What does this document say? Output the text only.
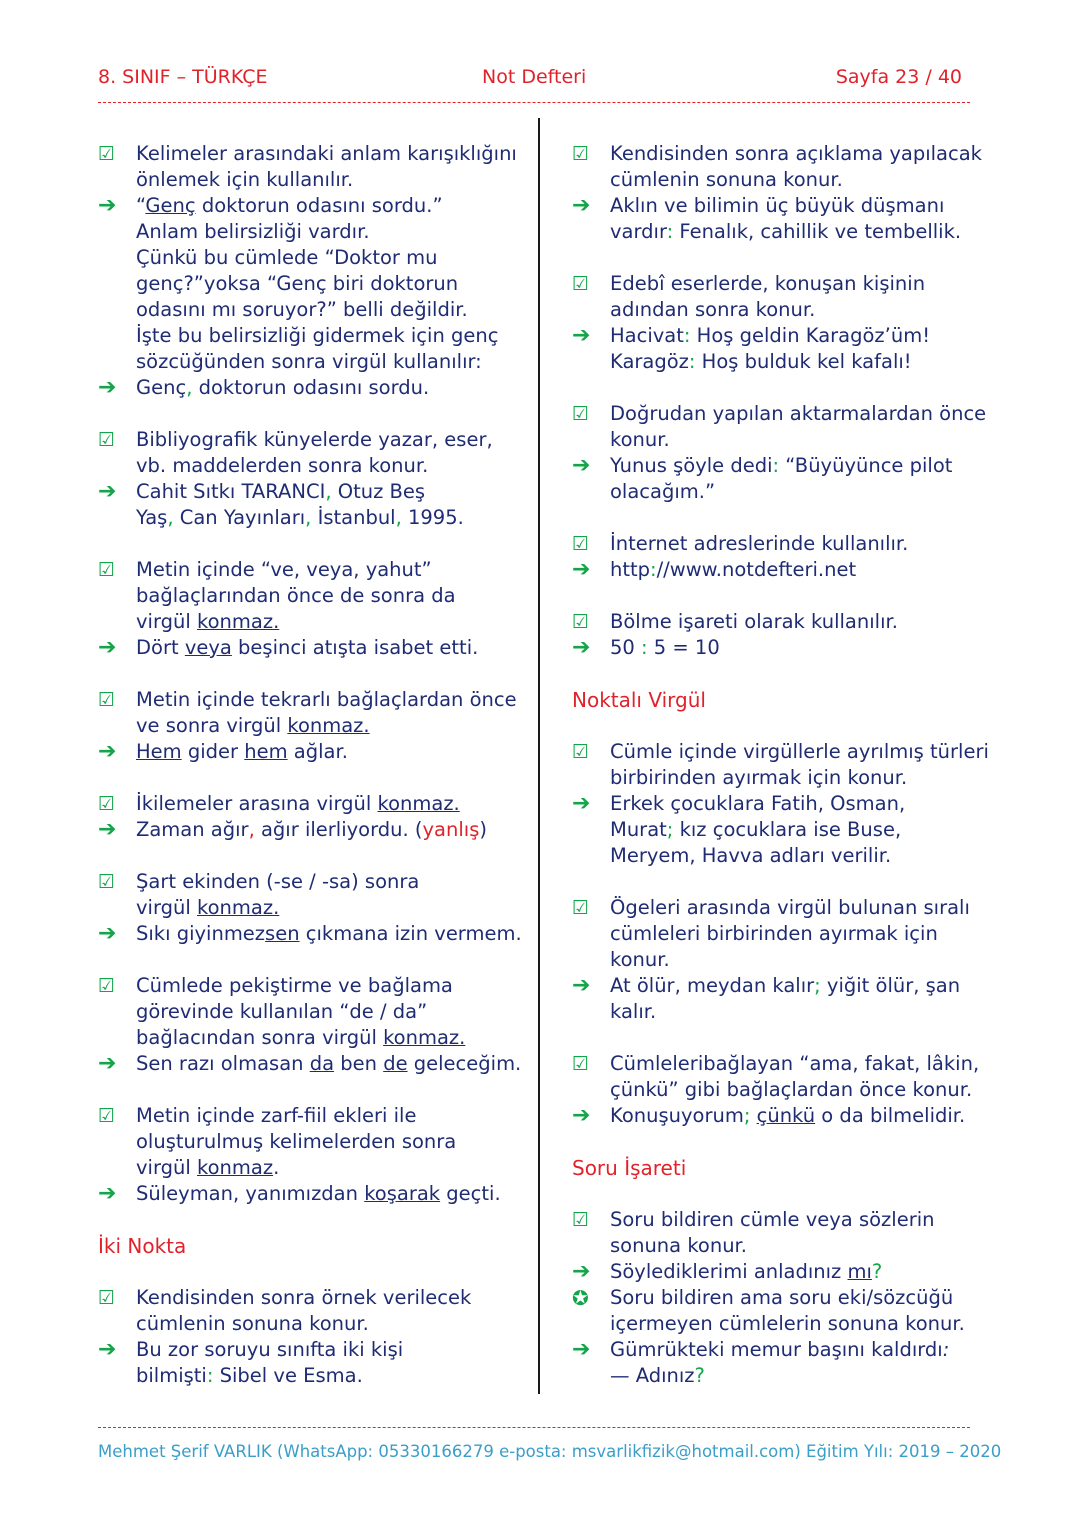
8. SINIF – TÜRKÇE	Not Defteri	Sayfa 23 / 40
☑	Kelimeler arasındaki anlam karışıklığını
önlemek için kullanılır.
➔	“Genç doktorun odasını sordu.”
Anlam belirsizliği vardır.
Çünkü bu cümlede “Doktor mu
genç?”yoksa “Genç biri doktorun
odasını mı soruyor?” belli değildir.
İşte bu belirsizliği gidermek için genç
sözcüğünden sonra virgül kullanılır:
➔	Genç, doktorun odasını sordu.
☑	Bibliyografik künyelerde yazar, eser,
vb. maddelerden sonra konur.
➔	Cahit Sıtkı TARANCI, Otuz Beş
Yaş, Can Yayınları, İstanbul, 1995.
☑	Metin içinde “ve, veya, yahut”
bağlaçlarından önce de sonra da
virgül konmaz.
➔	Dört veya beşinci atışta isabet etti.
☑	Metin içinde tekrarlı bağlaçlardan önce
ve sonra virgül konmaz.
➔	Hem gider hem ağlar.
☑	İkilemeler arasına virgül konmaz.
➔	Zaman ağır, ağır ilerliyordu. (yanlış)
☑	Şart ekinden (-se / -sa) sonra
virgül konmaz.
➔	Sıkı giyinmezsen çıkmana izin vermem.
☑	Cümlede pekiştirme ve bağlama
görevinde kullanılan “de / da”
bağlacından sonra virgül konmaz.
➔	Sen razı olmasan da ben de geleceğim.
☑	Metin içinde zarf-fiil ekleri ile
oluşturulmuş kelimelerden sonra
virgül konmaz.
➔	Süleyman, yanımızdan koşarak geçti.
İki Nokta
☑	Kendisinden sonra örnek verilecek
cümlenin sonuna konur.
➔	Bu zor soruyu sınıfta iki kişi
bilmişti: Sibel ve Esma.
☑	Kendisinden sonra açıklama yapılacak
cümlenin sonuna konur.
➔	Aklın ve bilimin üç büyük düşmanı
vardır: Fenalık, cahillik ve tembellik.
☑	Edebî eserlerde, konuşan kişinin
adından sonra konur.
➔	Hacivat: Hoş geldin Karagöz’üm!
Karagöz: Hoş bulduk kel kafalı!
☑	Doğrudan yapılan aktarmalardan önce
konur.
➔	Yunus şöyle dedi: “Büyüyünce pilot
olacağım.”
☑	İnternet adreslerinde kullanılır.
➔	http://www.notdefteri.net
☑	Bölme işareti olarak kullanılır.
➔	50 : 5 = 10
Noktalı Virgül
☑	Cümle içinde virgüllerle ayrılmış türleri
birbirinden ayırmak için konur.
➔	Erkek çocuklara Fatih, Osman,
Murat; kız çocuklara ise Buse,
Meryem, Havva adları verilir.
☑	Ögeleri arasında virgül bulunan sıralı
cümleleri birbirinden ayırmak için
konur.
➔	At ölür, meydan kalır; yiğit ölür, şan
kalır.
☑	Cümleleribağlayan “ama, fakat, lâkin,
çünkü” gibi bağlaçlardan önce konur.
➔	Konuşuyorum; çünkü o da bilmelidir.
Soru İşareti
☑	Soru bildiren cümle veya sözlerin
sonuna konur.
➔	Söylediklerimi anladınız mı?
✪	Soru bildiren ama soru eki/sözcüğü
içermeyen cümlelerin sonuna konur.
➔	Gümrükteki memur başını kaldırdı:
— Adınız?
Mehmet Şerif VARLIK (WhatsApp: 05330166279 e-posta: msvarlikfizik@hotmail.com) Eğitim Yılı: 2019 – 2020
